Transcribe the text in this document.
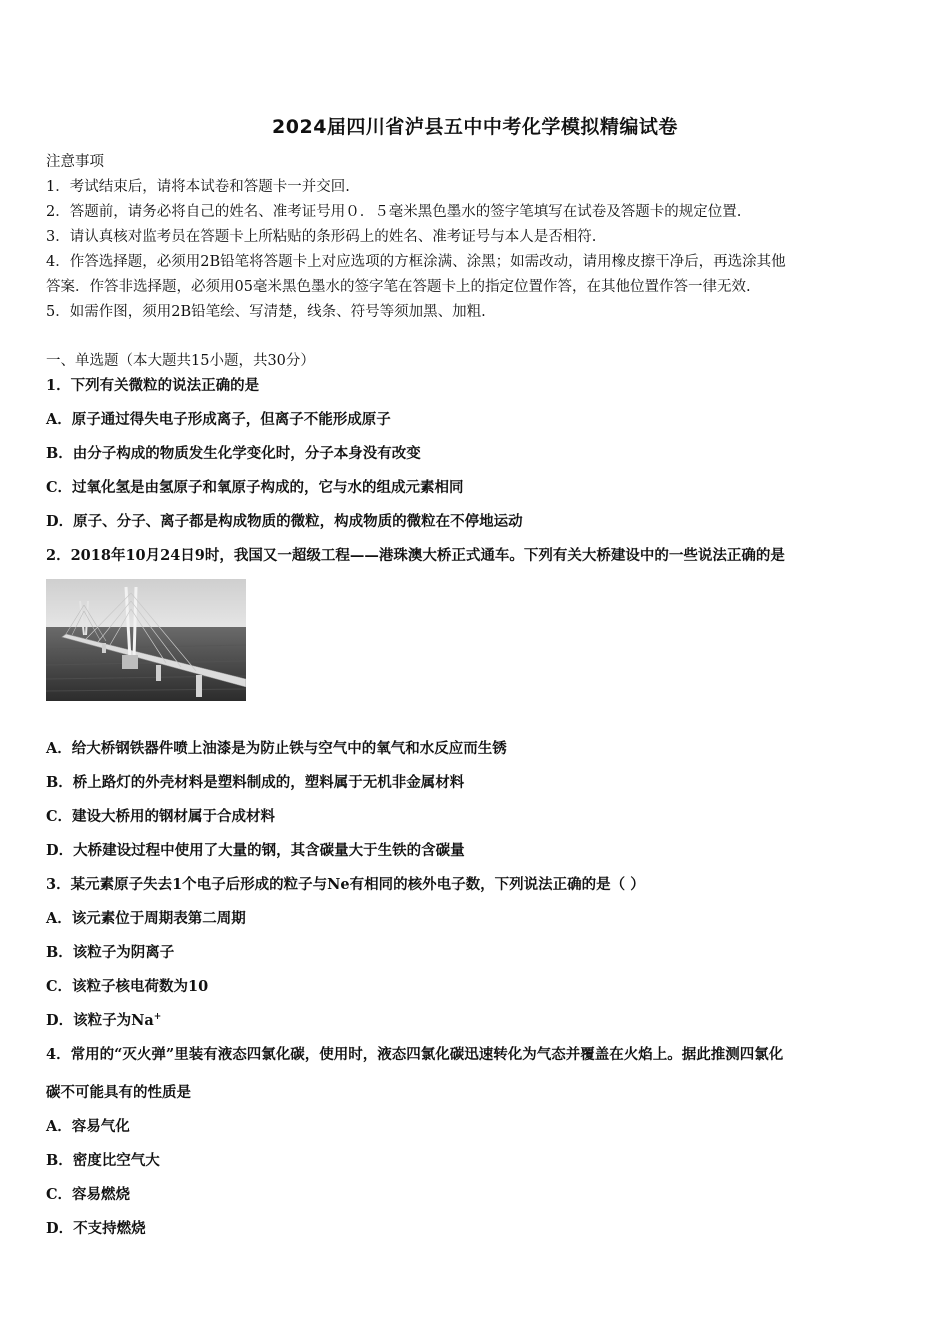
2024届四川省泸县五中中考化学模拟精编试卷
注意事项
1．考试结束后，请将本试卷和答题卡一并交回.
2．答题前，请务必将自己的姓名、准考证号用０．５毫米黑色墨水的签字笔填写在试卷及答题卡的规定位置.
3．请认真核对监考员在答题卡上所粘贴的条形码上的姓名、准考证号与本人是否相符.
4．作答选择题，必须用2B铅笔将答题卡上对应选项的方框涂满、涂黑；如需改动，请用橡皮擦干净后，再选涂其他
答案．作答非选择题，必须用05毫米黑色墨水的签字笔在答题卡上的指定位置作答，在其他位置作答一律无效.
5．如需作图，须用2B铅笔绘、写清楚，线条、符号等须加黑、加粗.
一、单选题（本大题共15小题，共30分）
1．下列有关微粒的说法正确的是
A．原子通过得失电子形成离子，但离子不能形成原子
B．由分子构成的物质发生化学变化时，分子本身没有改变
C．过氧化氢是由氢原子和氧原子构成的，它与水的组成元素相同
D．原子、分子、离子都是构成物质的微粒，构成物质的微粒在不停地运动
2．2018年10月24日9时，我国又一超级工程——港珠澳大桥正式通车。下列有关大桥建设中的一些说法正确的是
A．给大桥钢铁器件喷上油漆是为防止铁与空气中的氧气和水反应而生锈
B．桥上路灯的外壳材料是塑料制成的，塑料属于无机非金属材料
C．建设大桥用的钢材属于合成材料
D．大桥建设过程中使用了大量的钢，其含碳量大于生铁的含碳量
3．某元素原子失去1个电子后形成的粒子与Ne有相同的核外电子数，下列说法正确的是（ ）
A．该元素位于周期表第二周期
B．该粒子为阴离子
C．该粒子核电荷数为10
D．该粒子为Na+
4．常用的“灭火弹”里装有液态四氯化碳，使用时，液态四氯化碳迅速转化为气态并覆盖在火焰上。据此推测四氯化
碳不可能具有的性质是
A．容易气化
B．密度比空气大
C．容易燃烧
D．不支持燃烧
